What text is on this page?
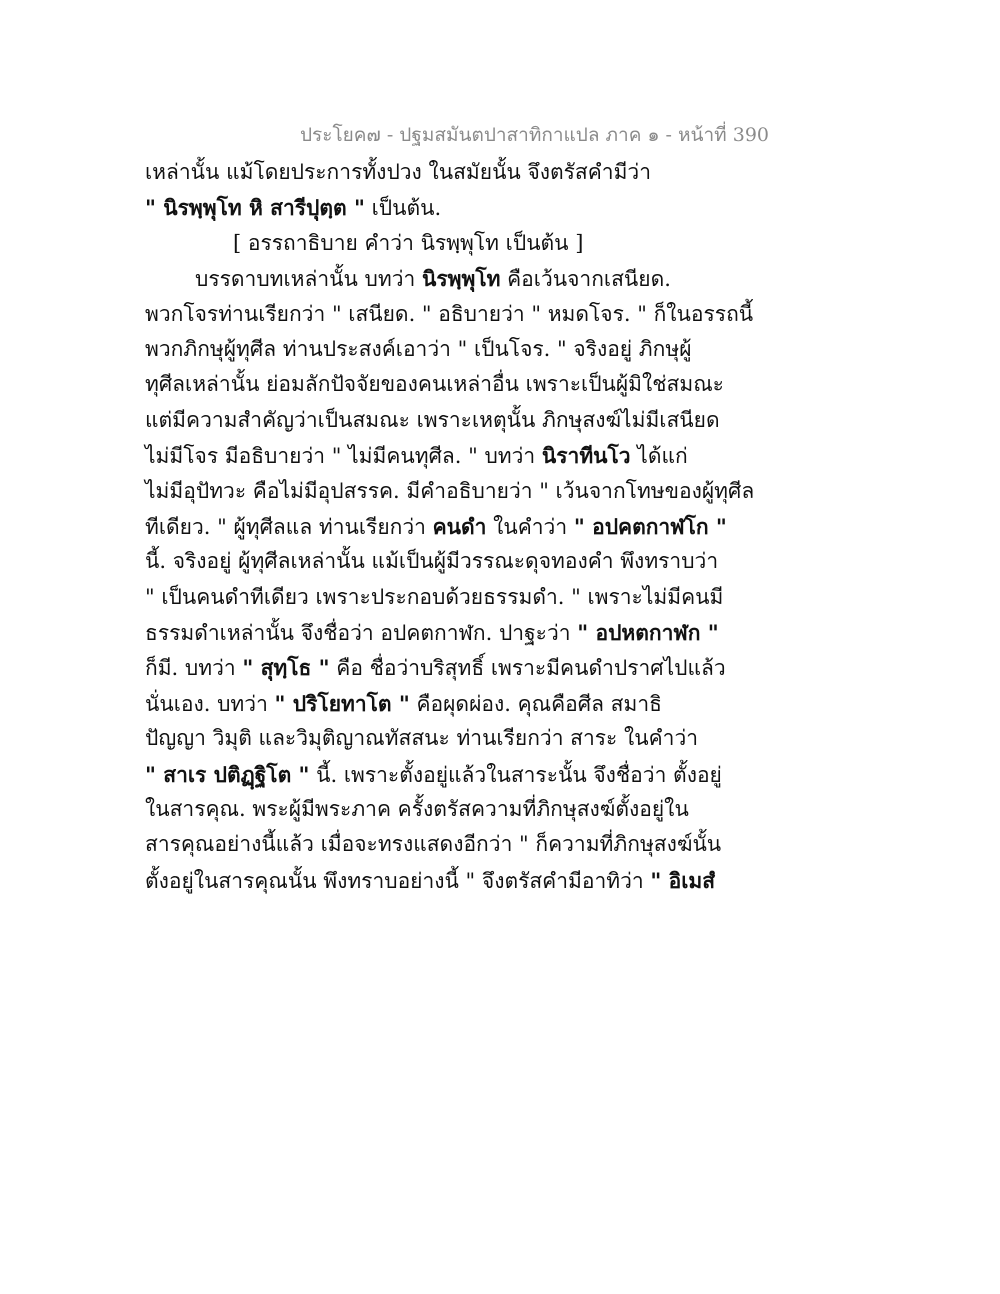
ประโยค๗ - ปฐมสมันตปาสาทิกาแปล ภาค ๑ - หน้าที่ 390
เหล่านั้น แม้โดยประการทั้งปวง ในสมัยนั้น จึงตรัสคำมีว่า
" นิรพฺพุโท หิ สารีปุตฺต " เป็นต้น.
[ อรรถาธิบาย คำว่า นิรพฺพุโท เป็นต้น ]
บรรดาบทเหล่านั้น บทว่า นิรพฺพุโท คือเว้นจากเสนียด.
พวกโจรท่านเรียกว่า " เสนียด. " อธิบายว่า " หมดโจร. " ก็ในอรรถนี้
พวกภิกษุผู้ทุศีล ท่านประสงค์เอาว่า " เป็นโจร. " จริงอยู่ ภิกษุผู้
ทุศีลเหล่านั้น ย่อมลักปัจจัยของคนเหล่าอื่น เพราะเป็นผู้มิใช่สมณะ
แต่มีความสำคัญว่าเป็นสมณะ เพราะเหตุนั้น ภิกษุสงฆ์ไม่มีเสนียด
ไม่มีโจร มีอธิบายว่า " ไม่มีคนทุศีล. " บทว่า นิราทีนโว ได้แก่
ไม่มีอุปัทวะ คือไม่มีอุปสรรค. มีคำอธิบายว่า " เว้นจากโทษของผู้ทุศีล
ทีเดียว. " ผู้ทุศีลแล ท่านเรียกว่า คนดำ ในคำว่า " อปคตกาฬโก "
นี้. จริงอยู่ ผู้ทุศีลเหล่านั้น แม้เป็นผู้มีวรรณะดุจทองคำ พึงทราบว่า
" เป็นคนดำทีเดียว เพราะประกอบด้วยธรรมดำ. " เพราะไม่มีคนมี
ธรรมดำเหล่านั้น จึงชื่อว่า อปคตกาฬก. ปาฐะว่า " อปหตกาฬก "
ก็มี. บทว่า " สุทฺโธ " คือ ชื่อว่าบริสุทธิ์ เพราะมีคนดำปราศไปแล้ว
นั่นเอง. บทว่า " ปริโยทาโต " คือผุดผ่อง. คุณคือศีล สมาธิ
ปัญญา วิมุติ และวิมุติญาณทัสสนะ ท่านเรียกว่า สาระ ในคำว่า
" สาเร ปติฏฺฐิโต " นี้. เพราะตั้งอยู่แล้วในสาระนั้น จึงชื่อว่า ตั้งอยู่
ในสารคุณ. พระผู้มีพระภาค ครั้งตรัสความที่ภิกษุสงฆ์ตั้งอยู่ใน
สารคุณอย่างนี้แล้ว เมื่อจะทรงแสดงอีกว่า " ก็ความที่ภิกษุสงฆ์นั้น
ตั้งอยู่ในสารคุณนั้น พึงทราบอย่างนี้ " จึงตรัสคำมีอาทิว่า " อิเมสํ
